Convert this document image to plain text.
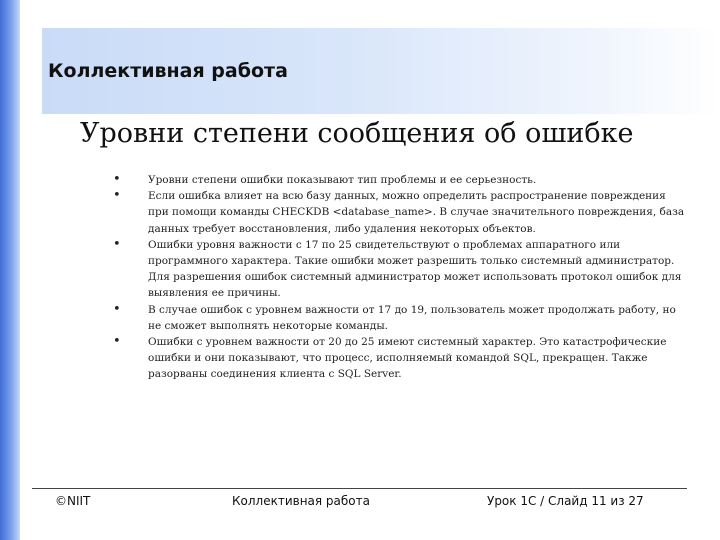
Коллективная работа
Уровни степени сообщения об ошибке
•	Уровни степени ошибки показывают тип проблемы и ее серьезность.
•	Если ошибка влияет на всю базу данных, можно определить распространение повреждения при помощи команды CHECKDB <database_name>. В случае значительного повреждения, база данных требует восстановления, либо удаления некоторых объектов.
•	Ошибки уровня важности с 17 по 25 свидетельствуют о проблемах аппаратного или программного характера. Такие ошибки может разрешить только системный администратор. Для разрешения ошибок системный администратор может использовать протокол ошибок для выявления ее причины.
•	В случае ошибок с уровнем важности от 17 до 19, пользователь может продолжать работу, но не сможет выполнять некоторые команды.
•	Ошибки с уровнем важности от 20 до 25 имеют системный характер. Это катастрофические ошибки и они показывают, что процесс, исполняемый командой SQL, прекращен. Также разорваны соединения клиента с SQL Server.

©NIIT	Коллективная работа	Урок 1C / Слайд 11 из 27
